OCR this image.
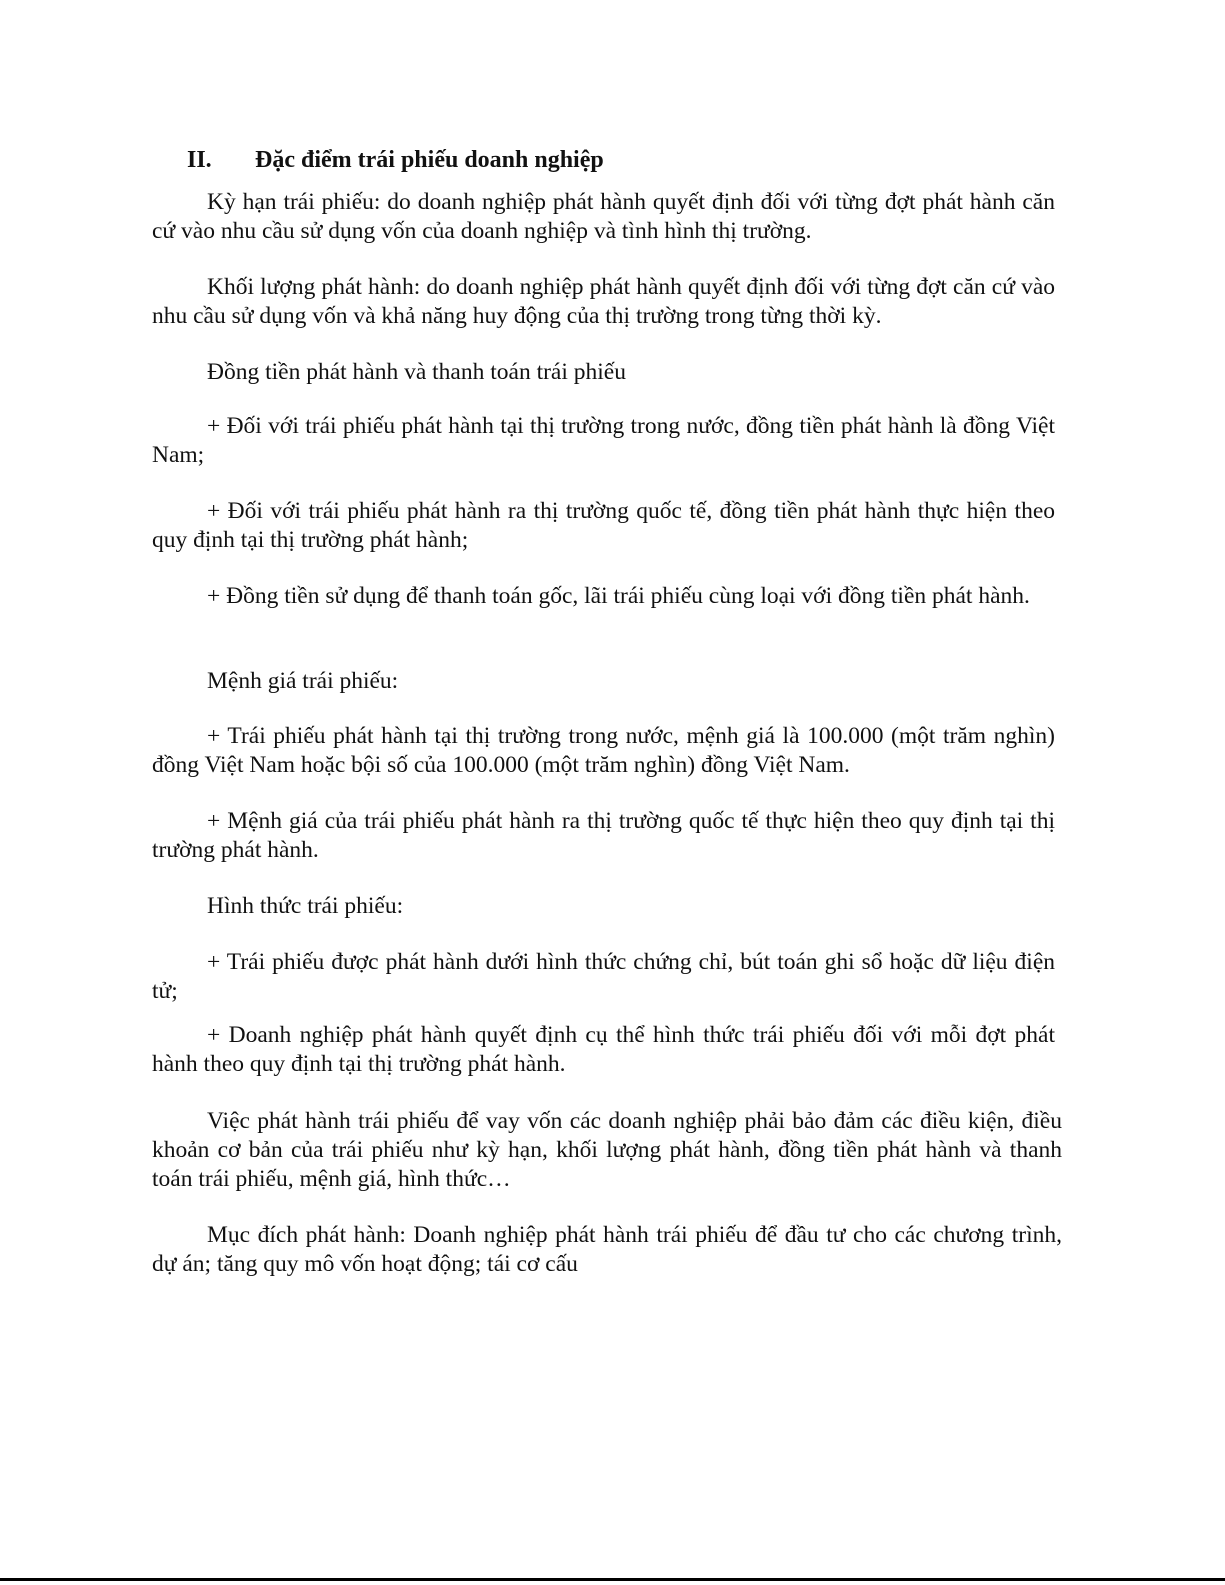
II. Đặc điểm trái phiếu doanh nghiệp

Kỳ hạn trái phiếu: do doanh nghiệp phát hành quyết định đối với từng đợt phát hành căn cứ vào nhu cầu sử dụng vốn của doanh nghiệp và tình hình thị trường.

Khối lượng phát hành: do doanh nghiệp phát hành quyết định đối với từng đợt căn cứ vào nhu cầu sử dụng vốn và khả năng huy động của thị trường trong từng thời kỳ.

Đồng tiền phát hành và thanh toán trái phiếu

+ Đối với trái phiếu phát hành tại thị trường trong nước, đồng tiền phát hành là đồng Việt Nam;

+ Đối với trái phiếu phát hành ra thị trường quốc tế, đồng tiền phát hành thực hiện theo quy định tại thị trường phát hành;

+ Đồng tiền sử dụng để thanh toán gốc, lãi trái phiếu cùng loại với đồng tiền phát hành.

Mệnh giá trái phiếu:

+ Trái phiếu phát hành tại thị trường trong nước, mệnh giá là 100.000 (một trăm nghìn) đồng Việt Nam hoặc bội số của 100.000 (một trăm nghìn) đồng Việt Nam.

+ Mệnh giá của trái phiếu phát hành ra thị trường quốc tế thực hiện theo quy định tại thị trường phát hành.

Hình thức trái phiếu:

+ Trái phiếu được phát hành dưới hình thức chứng chỉ, bút toán ghi sổ hoặc dữ liệu điện tử;

+ Doanh nghiệp phát hành quyết định cụ thể hình thức trái phiếu đối với mỗi đợt phát hành theo quy định tại thị trường phát hành.

Việc phát hành trái phiếu để vay vốn các doanh nghiệp phải bảo đảm các điều kiện, điều khoản cơ bản của trái phiếu như kỳ hạn, khối lượng phát hành, đồng tiền phát hành và thanh toán trái phiếu, mệnh giá, hình thức…

Mục đích phát hành: Doanh nghiệp phát hành trái phiếu để đầu tư cho các chương trình, dự án; tăng quy mô vốn hoạt động; tái cơ cấu
